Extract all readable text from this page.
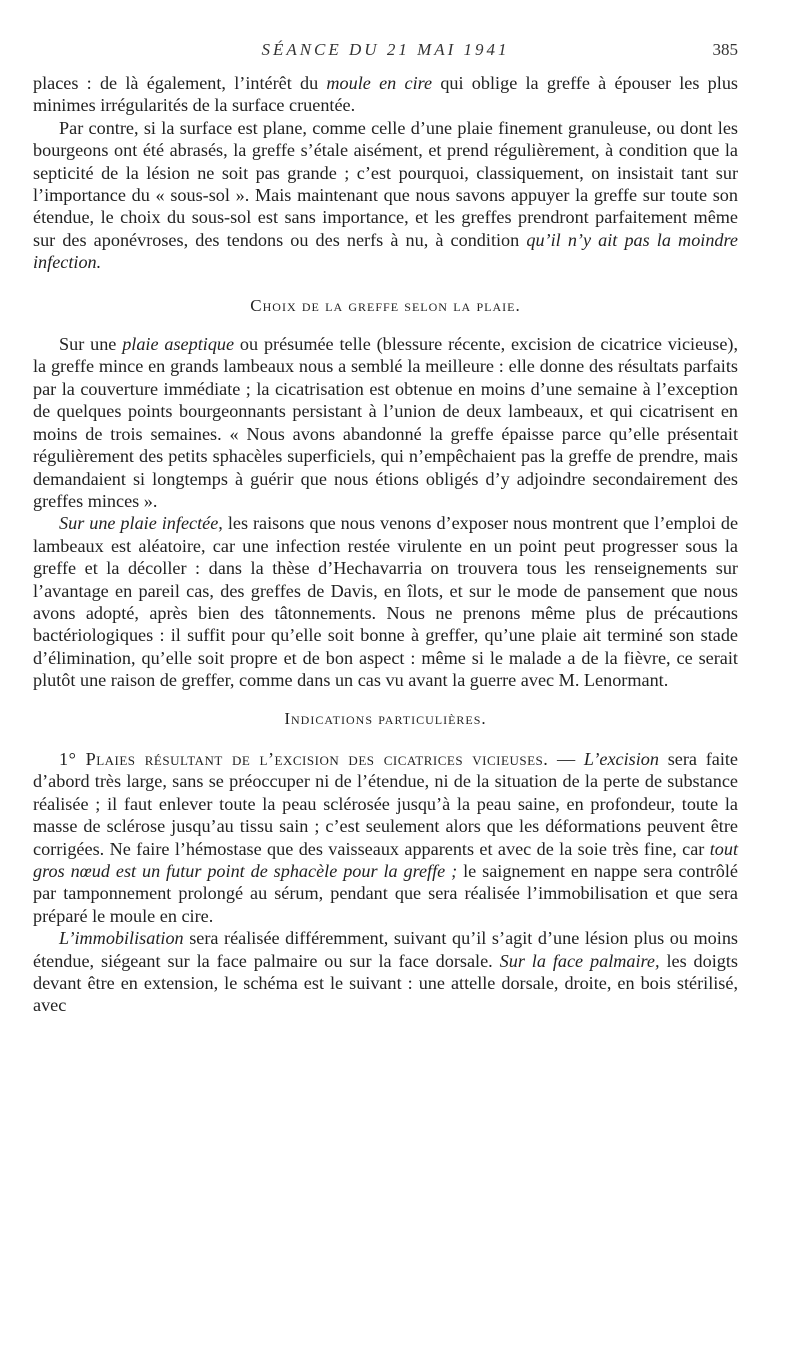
SÉANCE DU 21 MAI 1941	385

places : de là également, l’intérêt du moule en cire qui oblige la greffe à épouser les plus minimes irrégularités de la surface cruentée.

Par contre, si la surface est plane, comme celle d’une plaie finement granuleuse, ou dont les bourgeons ont été abrasés, la greffe s’étale aisément, et prend régulièrement, à condition que la septicité de la lésion ne soit pas grande ; c’est pourquoi, classiquement, on insistait tant sur l’importance du « sous-sol ». Mais maintenant que nous savons appuyer la greffe sur toute son étendue, le choix du sous-sol est sans importance, et les greffes prendront parfaitement même sur des aponévroses, des tendons ou des nerfs à nu, à condition qu’il n’y ait pas la moindre infection.

Choix de la greffe selon la plaie.

Sur une plaie aseptique ou présumée telle (blessure récente, excision de cicatrice vicieuse), la greffe mince en grands lambeaux nous a semblé la meilleure : elle donne des résultats parfaits par la couverture immédiate ; la cicatrisation est obtenue en moins d’une semaine à l’exception de quelques points bourgeonnants persistant à l’union de deux lambeaux, et qui cicatrisent en moins de trois semaines. « Nous avons abandonné la greffe épaisse parce qu’elle présentait régulièrement des petits sphacèles superficiels, qui n’empêchaient pas la greffe de prendre, mais demandaient si longtemps à guérir que nous étions obligés d’y adjoindre secondairement des greffes minces ».

Sur une plaie infectée, les raisons que nous venons d’exposer nous montrent que l’emploi de lambeaux est aléatoire, car une infection restée virulente en un point peut progresser sous la greffe et la décoller : dans la thèse d’Hechavarria on trouvera tous les renseignements sur l’avantage en pareil cas, des greffes de Davis, en îlots, et sur le mode de pansement que nous avons adopté, après bien des tâtonnements. Nous ne prenons même plus de précautions bactériologiques : il suffit pour qu’elle soit bonne à greffer, qu’une plaie ait terminé son stade d’élimination, qu’elle soit propre et de bon aspect : même si le malade a de la fièvre, ce serait plutôt une raison de greffer, comme dans un cas vu avant la guerre avec M. Lenormant.

Indications particulières.

1° Plaies résultant de l’excision des cicatrices vicieuses. — L’excision sera faite d’abord très large, sans se préoccuper ni de l’étendue, ni de la situation de la perte de substance réalisée ; il faut enlever toute la peau sclérosée jusqu’à la peau saine, en profondeur, toute la masse de sclérose jusqu’au tissu sain ; c’est seulement alors que les déformations peuvent être corrigées. Ne faire l’hémostase que des vaisseaux apparents et avec de la soie très fine, car tout gros nœud est un futur point de sphacèle pour la greffe ; le saignement en nappe sera contrôlé par tamponnement prolongé au sérum, pendant que sera réalisée l’immobilisation et que sera préparé le moule en cire.

L’immobilisation sera réalisée différemment, suivant qu’il s’agit d’une lésion plus ou moins étendue, siégeant sur la face palmaire ou sur la face dorsale. Sur la face palmaire, les doigts devant être en extension, le schéma est le suivant : une attelle dorsale, droite, en bois stérilisé, avec
